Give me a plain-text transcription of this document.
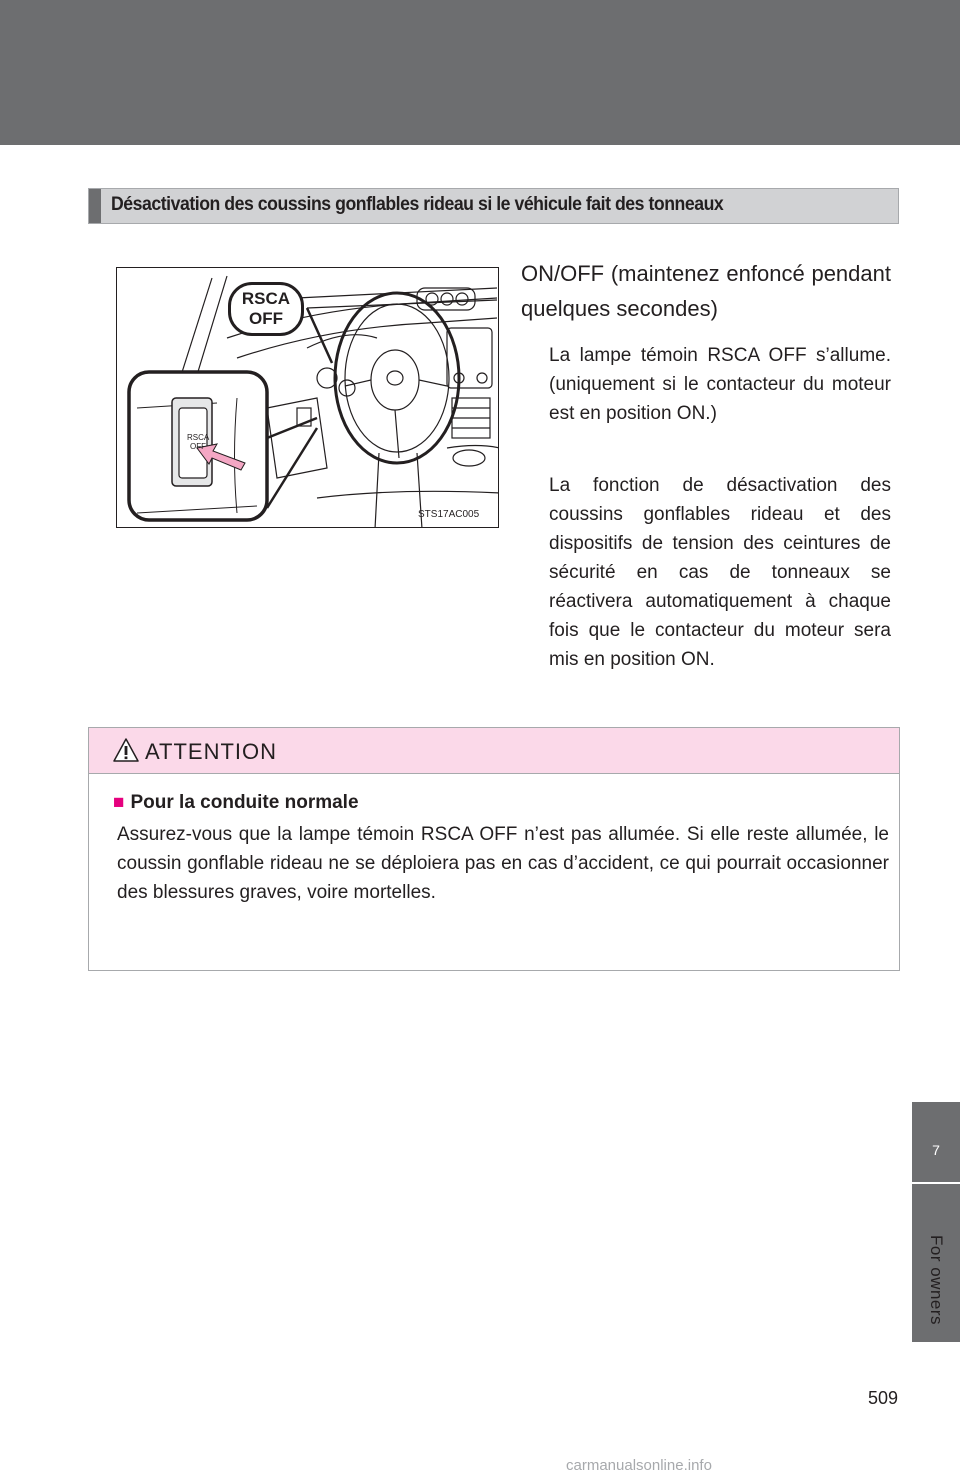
Désactivation des coussins gonflables rideau si le véhicule fait des tonneaux
RSCA
OFF
RSCA
OFF
STS17AC005
ON/OFF (maintenez enfoncé pendant quelques secondes)
La lampe témoin RSCA OFF s’allume. (uniquement si le contacteur du moteur est en position ON.)
La fonction de désactivation des coussins gonflables rideau et des dispositifs de tension des ceintures de sécurité en cas de tonneaux se réactivera automatiquement à chaque fois que le contacteur du moteur sera mis en position ON.
ATTENTION
■ Pour la conduite normale
Assurez-vous que la lampe témoin RSCA OFF n’est pas allumée. Si elle reste allumée, le coussin gonflable rideau ne se déploiera pas en cas d’accident, ce qui pourrait occasionner des blessures graves, voire mortelles.
7
For owners
509
carmanualsonline.info
